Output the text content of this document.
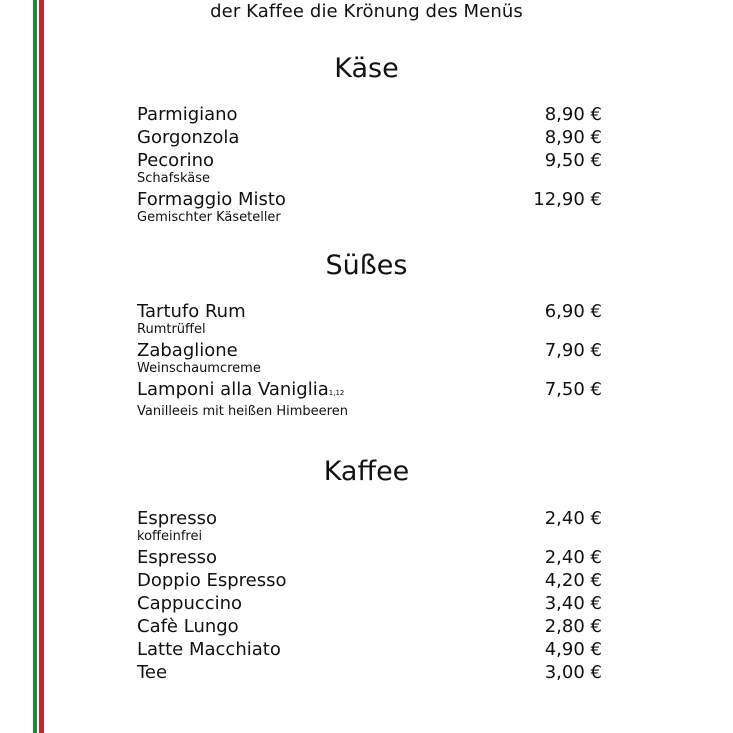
der Kaffee die Krönung des Menüs
Käse
Parmigiano	8,90 €
Gorgonzola	8,90 €
Pecorino	9,50 €
Schafskäse
Formaggio Misto	12,90 €
Gemischter Käseteller
Süßes
Tartufo Rum	6,90 €
Rumtrüffel
Zabaglione	7,90 €
Weinschaumcreme
Lamponi alla Vaniglia1,12	7,50 €
Vanilleeis mit heißen Himbeeren
Kaffee
Espresso	2,40 €
koffeinfrei
Espresso	2,40 €
Doppio Espresso	4,20 €
Cappuccino	3,40 €
Cafè Lungo	2,80 €
Latte Macchiato	4,90 €
Tee	3,00 €
